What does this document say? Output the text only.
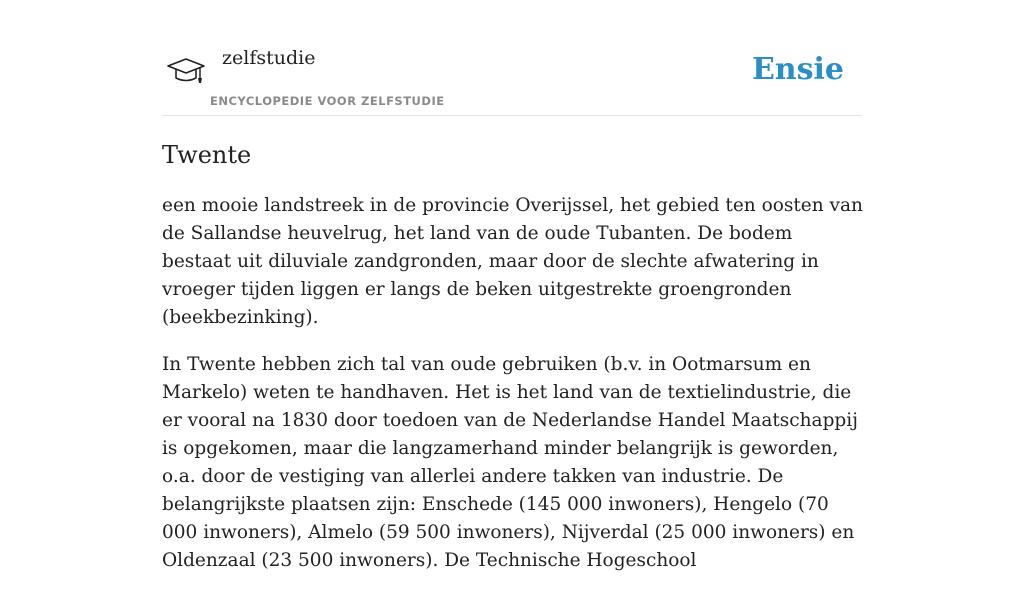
zelfstudie
ENCYCLOPEDIE VOOR ZELFSTUDIE
Ensie
Twente

een mooie landstreek in de provincie Overijssel, het gebied ten oosten van de Sallandse heuvelrug, het land van de oude Tubanten. De bodem bestaat uit diluviale zandgronden, maar door de slechte afwatering in vroeger tijden liggen er langs de beken uitgestrekte groengronden (beekbezinking).

In Twente hebben zich tal van oude gebruiken (b.v. in Ootmarsum en Markelo) weten te handhaven. Het is het land van de textielindustrie, die er vooral na 1830 door toedoen van de Nederlandse Handel Maatschappij is opgekomen, maar die langzamerhand minder belangrijk is geworden, o.a. door de vestiging van allerlei andere takken van industrie. De belangrijkste plaatsen zijn: Enschede (145 000 inwoners), Hengelo (70 000 inwoners), Almelo (59 500 inwoners), Nijverdal (25 000 inwoners) en Oldenzaal (23 500 inwoners). De Technische Hogeschool
